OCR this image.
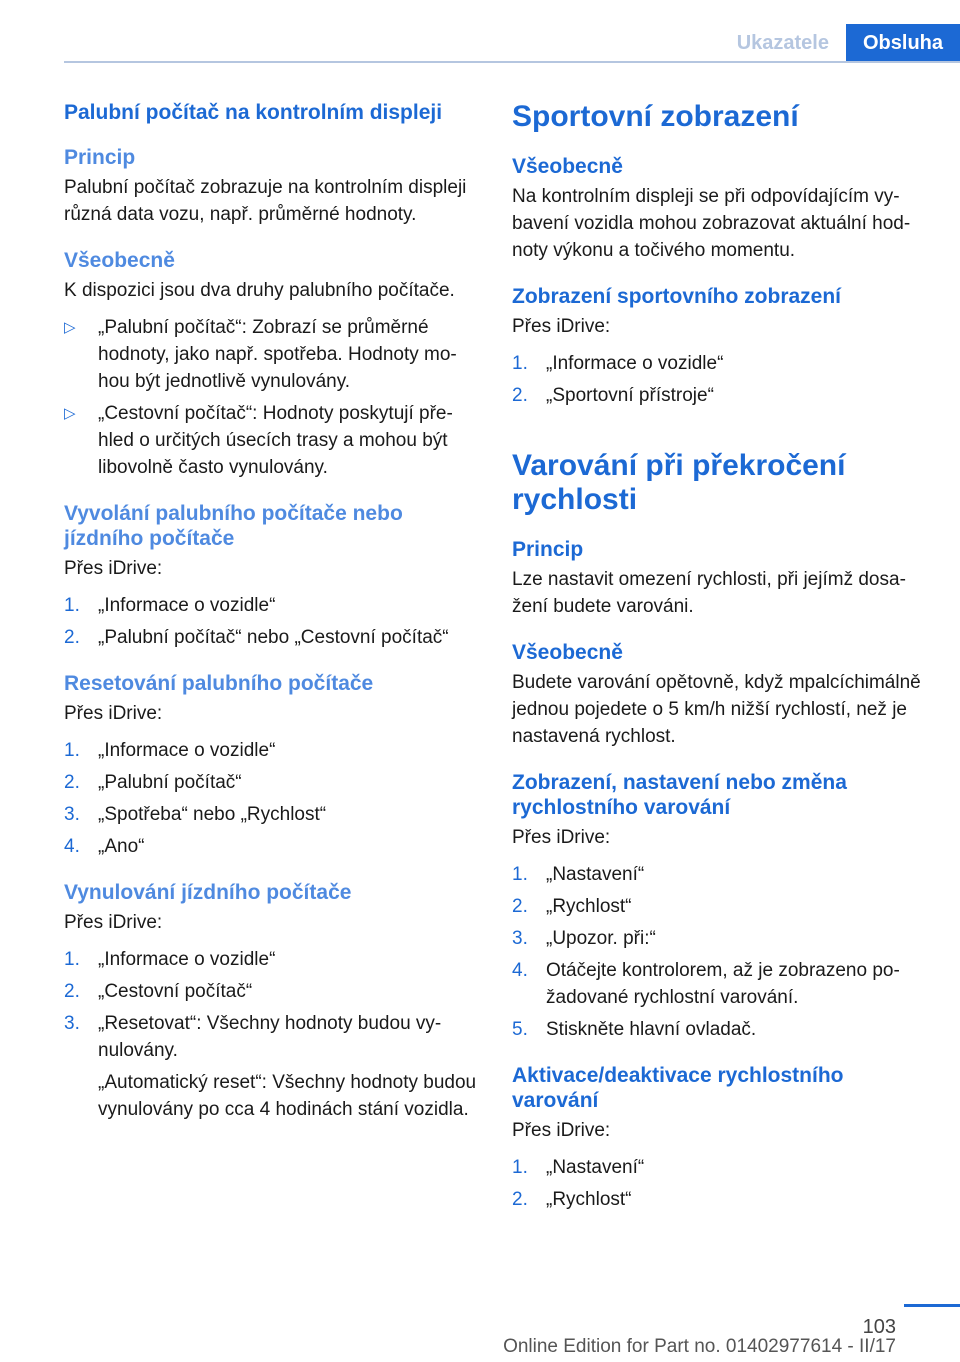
Ukazatele	Obsluha
Palubní počítač na kontrolním displeji
Princip
Palubní počítač zobrazuje na kontrolním displeji různá data vozu, např. průměrné hodnoty.
Všeobecně
K dispozici jsou dva druhy palubního počítače.
▷	„Palubní počítač“: Zobrazí se průměrné hodnoty, jako např. spotřeba. Hodnoty mohou být jednotlivě vynulovány.
▷	„Cestovní počítač“: Hodnoty poskytují přehled o určitých úsecích trasy a mohou být libovolně často vynulovány.
Vyvolání palubního počítače nebo jízdního počítače
Přes iDrive:
1. „Informace o vozidle“
2. „Palubní počítač“ nebo „Cestovní počítač“
Resetování palubního počítače
Přes iDrive:
1. „Informace o vozidle“
2. „Palubní počítač“
3. „Spotřeba“ nebo „Rychlost“
4. „Ano“
Vynulování jízdního počítače
Přes iDrive:
1. „Informace o vozidle“
2. „Cestovní počítač“
3. „Resetovat“: Všechny hodnoty budou vynulovány.
„Automatický reset“: Všechny hodnoty budou vynulovány po cca 4 hodinách stání vozidla.
Sportovní zobrazení
Všeobecně
Na kontrolním displeji se při odpovídajícím vybavení vozidla mohou zobrazovat aktuální hodnoty výkonu a točivého momentu.
Zobrazení sportovního zobrazení
Přes iDrive:
1. „Informace o vozidle“
2. „Sportovní přístroje“
Varování při překročení rychlosti
Princip
Lze nastavit omezení rychlosti, při jejímž dosažení budete varováni.
Všeobecně
Budete varování opětovně, když mpalcíchimálně jednou pojedete o 5 km/h nižší rychlostí, než je nastavená rychlost.
Zobrazení, nastavení nebo změna rychlostního varování
Přes iDrive:
1. „Nastavení“
2. „Rychlost“
3. „Upozor. při:“
4. Otáčejte kontrolorem, až je zobrazeno požadované rychlostní varování.
5. Stiskněte hlavní ovladač.
Aktivace/deaktivace rychlostního varování
Přes iDrive:
1. „Nastavení“
2. „Rychlost“
103
Online Edition for Part no. 01402977614 - II/17
